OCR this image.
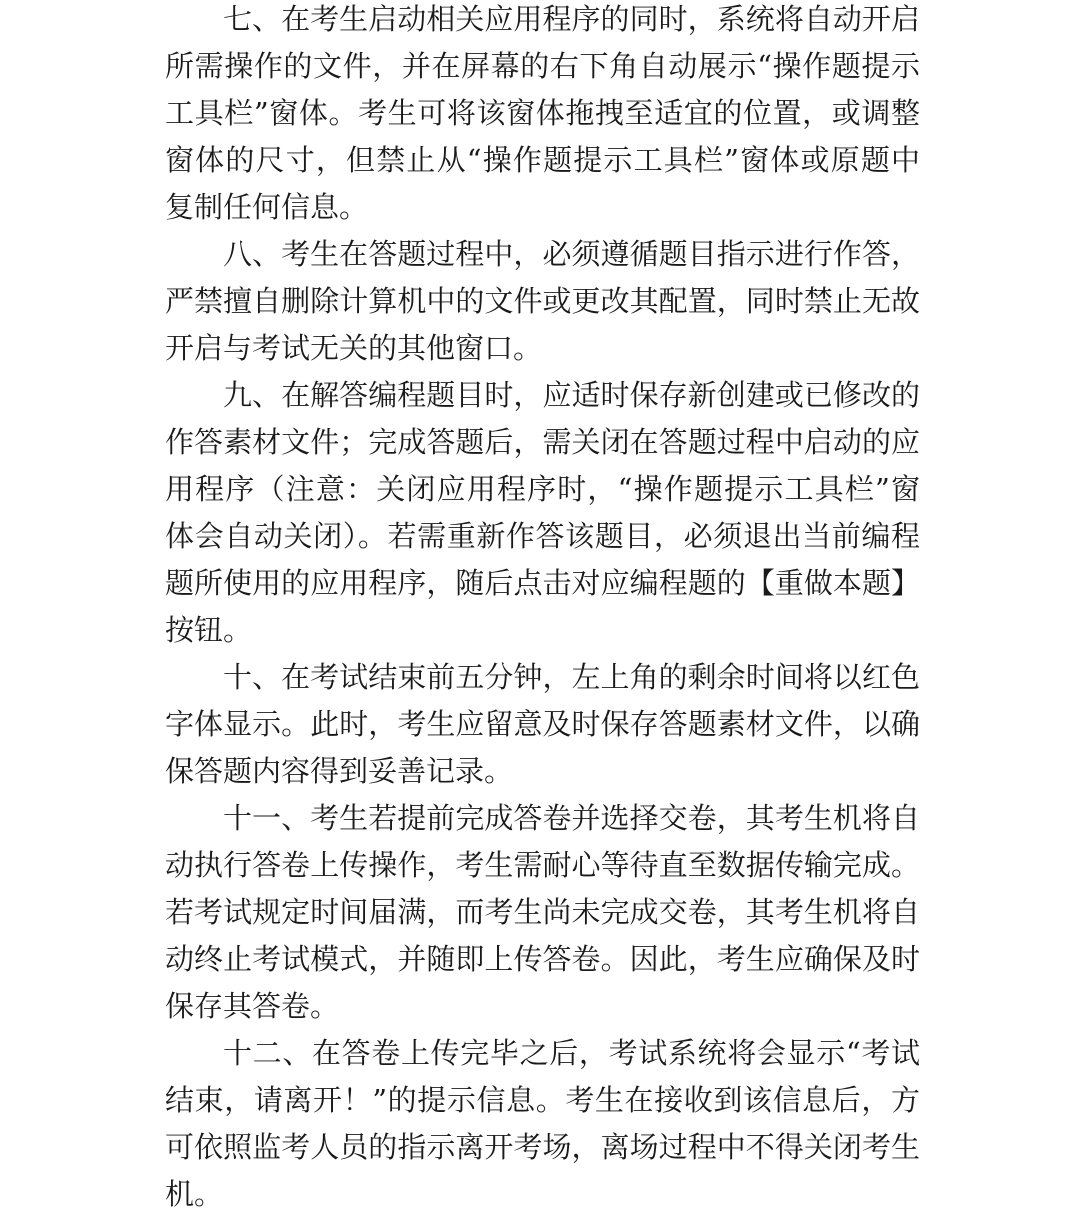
七、在考生启动相关应用程序的同时，系统将自动开启
所需操作的文件，并在屏幕的右下角自动展示“操作题提示
工具栏”窗体。考生可将该窗体拖拽至适宜的位置，或调整
窗体的尺寸，但禁止从“操作题提示工具栏”窗体或原题中
复制任何信息。
八、考生在答题过程中，必须遵循题目指示进行作答，
严禁擅自删除计算机中的文件或更改其配置，同时禁止无故
开启与考试无关的其他窗口。
九、在解答编程题目时，应适时保存新创建或已修改的
作答素材文件；完成答题后，需关闭在答题过程中启动的应
用程序（注意：关闭应用程序时，“操作题提示工具栏”窗
体会自动关闭）。若需重新作答该题目，必须退出当前编程
题所使用的应用程序，随后点击对应编程题的【重做本题】
按钮。
十、在考试结束前五分钟，左上角的剩余时间将以红色
字体显示。此时，考生应留意及时保存答题素材文件，以确
保答题内容得到妥善记录。
十一、考生若提前完成答卷并选择交卷，其考生机将自
动执行答卷上传操作，考生需耐心等待直至数据传输完成。
若考试规定时间届满，而考生尚未完成交卷，其考生机将自
动终止考试模式，并随即上传答卷。因此，考生应确保及时
保存其答卷。
十二、在答卷上传完毕之后，考试系统将会显示“考试
结束，请离开！”的提示信息。考生在接收到该信息后，方
可依照监考人员的指示离开考场，离场过程中不得关闭考生
机。
